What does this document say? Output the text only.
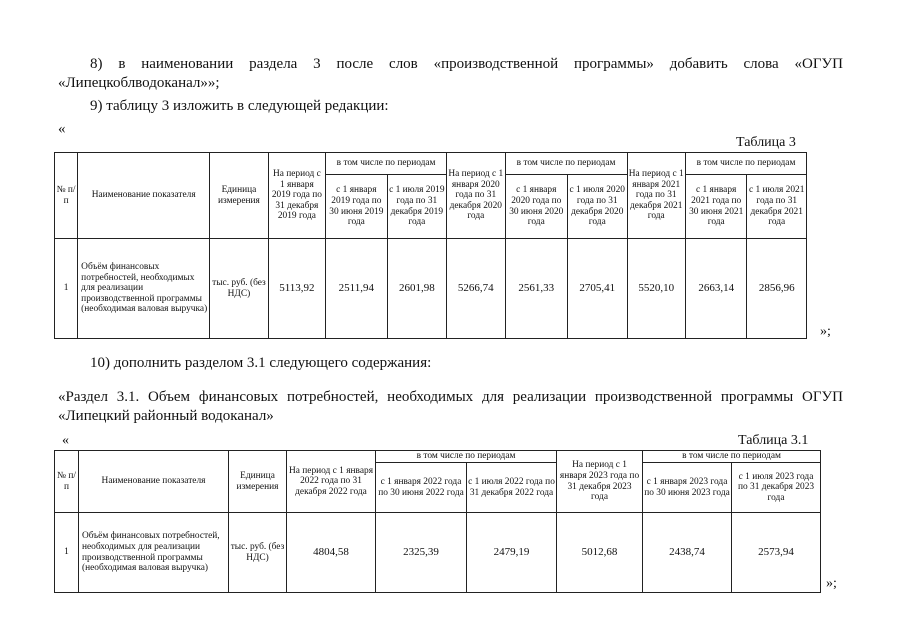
8) в наименовании раздела 3 после слов «производственной программы» добавить слова «ОГУП
«Липецкоблводоканал»»;
9) таблицу 3 изложить в следующей редакции:
«
Таблица 3
№ п/п	Наименование показателя	Единица измерения	На период с 1 января 2019 года по 31 декабря 2019 года	в том числе по периодам		На период с 1 января 2020 года по 31 декабря 2020 года	в том числе по периодам		На период с 1 января 2021 года по 31 декабря 2021 года	в том числе по периодам	
				с 1 января 2019 года по 30 июня 2019 года	с 1 июля 2019 года по 31 декабря 2019 года		с 1 января 2020 года по 30 июня 2020 года	с 1 июля 2020 года по 31 декабря 2020 года		с 1 января 2021 года по 30 июня 2021 года	с 1 июля 2021 года по 31 декабря 2021 года
1	Объём финансовых потребностей, необходимых для реализации производственной программы (необходимая валовая выручка)	тыс. руб. (без НДС)	5113,92	2511,94	2601,98	5266,74	2561,33	2705,41	5520,10	2663,14	2856,96
»;
10) дополнить разделом 3.1 следующего содержания:
«Раздел 3.1. Объем финансовых потребностей, необходимых для реализации производственной программы ОГУП
«Липецкий районный водоканал»
«	Таблица 3.1
№ п/п	Наименование показателя	Единица измерения	На период с 1 января 2022 года по 31 декабря 2022 года	в том числе по периодам		На период с 1 января 2023 года по 31 декабря 2023 года	в том числе по периодам	
				с 1 января 2022 года по 30 июня 2022 года	с 1 июля 2022 года по 31 декабря 2022 года		с 1 января 2023 года по 30 июня 2023 года	с 1 июля 2023 года по 31 декабря 2023 года
1	Объём финансовых потребностей, необходимых для реализации производственной программы (необходимая валовая выручка)	тыс. руб. (без НДС)	4804,58	2325,39	2479,19	5012,68	2438,74	2573,94
»;
